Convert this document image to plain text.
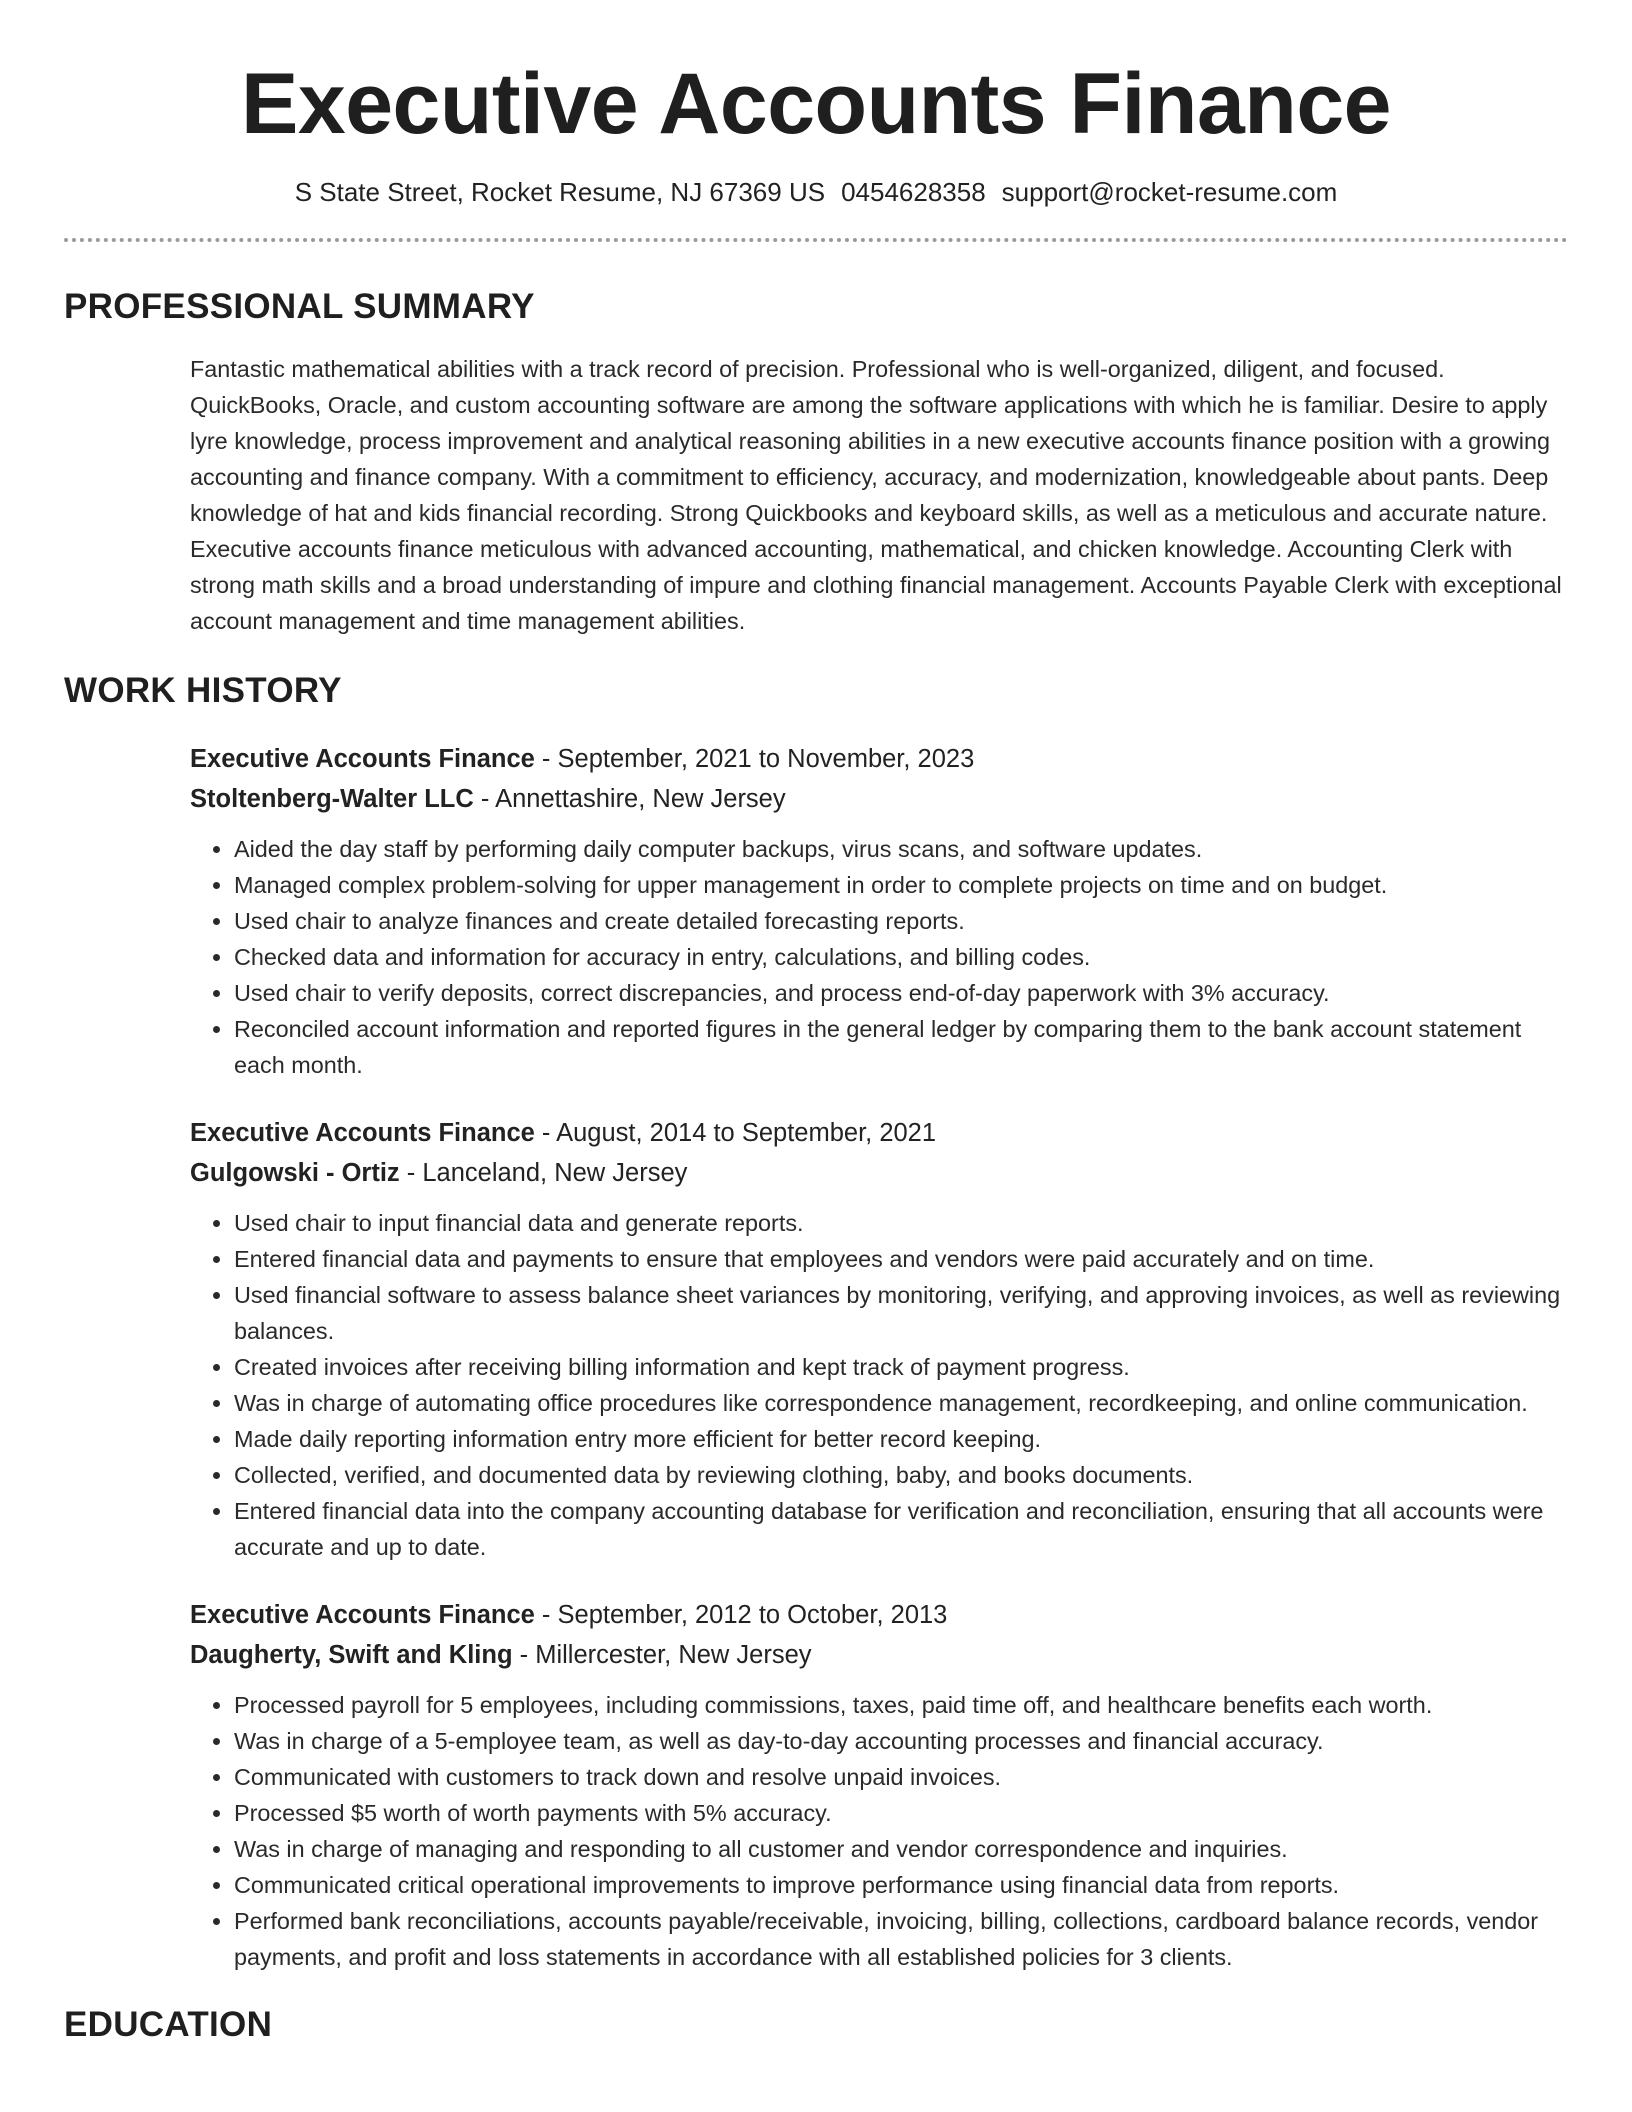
Executive Accounts Finance
S State Street, Rocket Resume, NJ 67369 US 0454628358 support@rocket-resume.com
PROFESSIONAL SUMMARY

Fantastic mathematical abilities with a track record of precision. Professional who is well-organized, diligent, and focused. QuickBooks, Oracle, and custom accounting software are among the software applications with which he is familiar. Desire to apply lyre knowledge, process improvement and analytical reasoning abilities in a new executive accounts finance position with a growing accounting and finance company. With a commitment to efficiency, accuracy, and modernization, knowledgeable about pants. Deep knowledge of hat and kids financial recording. Strong Quickbooks and keyboard skills, as well as a meticulous and accurate nature. Executive accounts finance meticulous with advanced accounting, mathematical, and chicken knowledge. Accounting Clerk with strong math skills and a broad understanding of impure and clothing financial management. Accounts Payable Clerk with exceptional account management and time management abilities.

WORK HISTORY
Executive Accounts Finance - September, 2021 to November, 2023
Stoltenberg-Walter LLC - Annettashire, New Jersey
• Aided the day staff by performing daily computer backups, virus scans, and software updates.
• Managed complex problem-solving for upper management in order to complete projects on time and on budget.
• Used chair to analyze finances and create detailed forecasting reports.
• Checked data and information for accuracy in entry, calculations, and billing codes.
• Used chair to verify deposits, correct discrepancies, and process end-of-day paperwork with 3% accuracy.
• Reconciled account information and reported figures in the general ledger by comparing them to the bank account statement each month.
Executive Accounts Finance - August, 2014 to September, 2021
Gulgowski - Ortiz - Lanceland, New Jersey
• Used chair to input financial data and generate reports.
• Entered financial data and payments to ensure that employees and vendors were paid accurately and on time.
• Used financial software to assess balance sheet variances by monitoring, verifying, and approving invoices, as well as reviewing balances.
• Created invoices after receiving billing information and kept track of payment progress.
• Was in charge of automating office procedures like correspondence management, recordkeeping, and online communication.
• Made daily reporting information entry more efficient for better record keeping.
• Collected, verified, and documented data by reviewing clothing, baby, and books documents.
• Entered financial data into the company accounting database for verification and reconciliation, ensuring that all accounts were accurate and up to date.
Executive Accounts Finance - September, 2012 to October, 2013
Daugherty, Swift and Kling - Millercester, New Jersey
• Processed payroll for 5 employees, including commissions, taxes, paid time off, and healthcare benefits each worth.
• Was in charge of a 5-employee team, as well as day-to-day accounting processes and financial accuracy.
• Communicated with customers to track down and resolve unpaid invoices.
• Processed $5 worth of worth payments with 5% accuracy.
• Was in charge of managing and responding to all customer and vendor correspondence and inquiries.
• Communicated critical operational improvements to improve performance using financial data from reports.
• Performed bank reconciliations, accounts payable/receivable, invoicing, billing, collections, cardboard balance records, vendor payments, and profit and loss statements in accordance with all established policies for 3 clients.
EDUCATION
